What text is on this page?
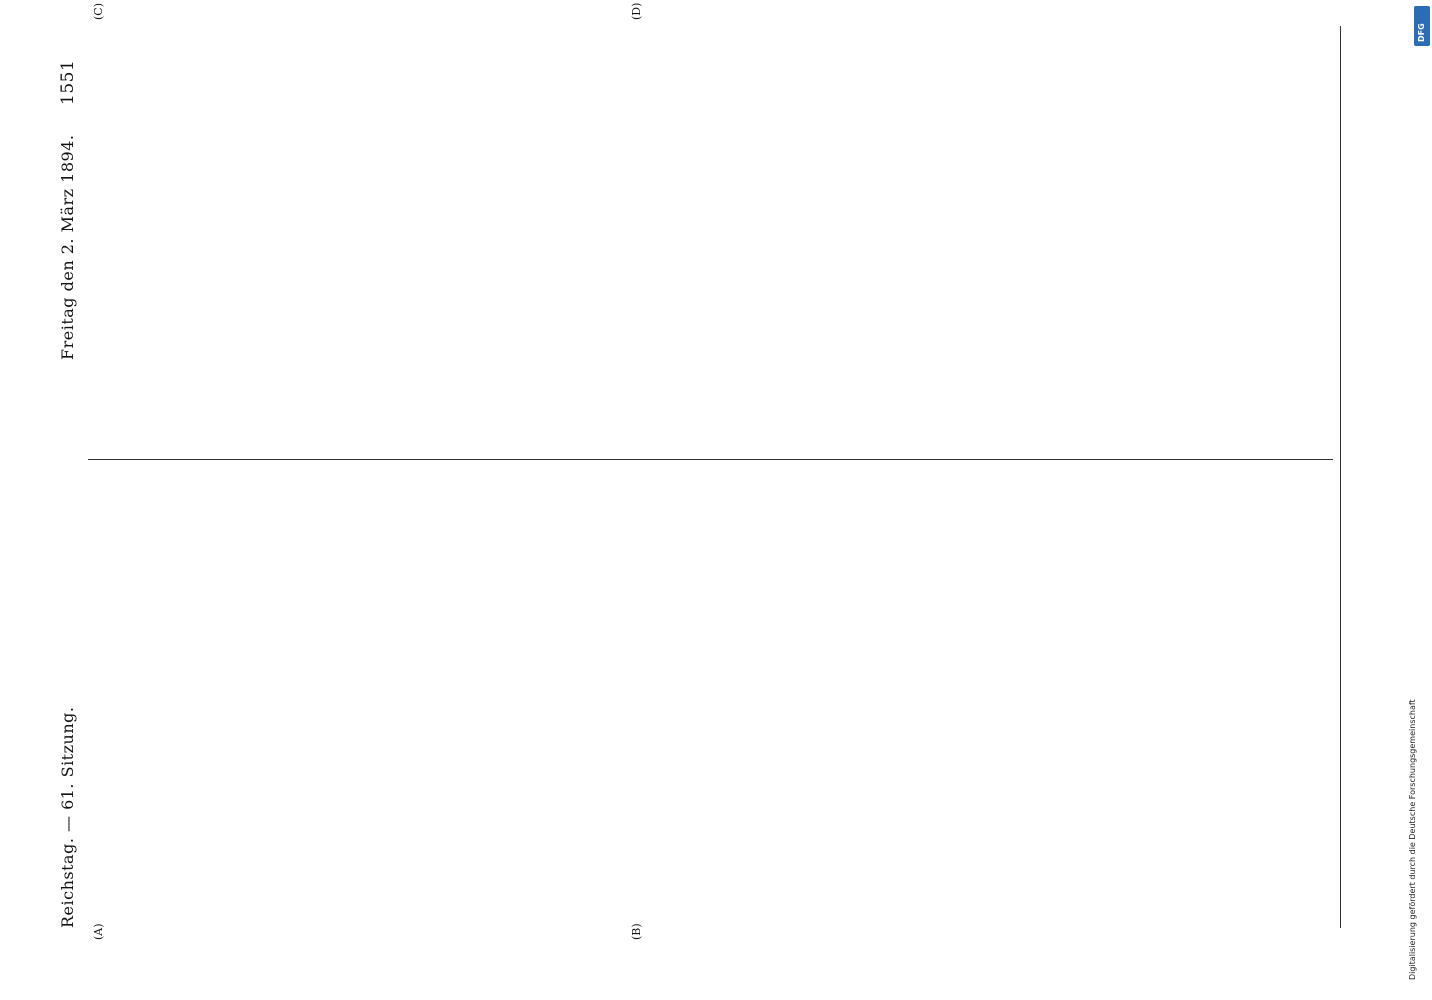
Reichstag. — 61. Sitzung.
Freitag den 2. März 1894.
1551
(A)	(B)
(C)	(D)

Digitalisierung gefördert durch die Deutsche Forschungsgemeinschaft
DFG
